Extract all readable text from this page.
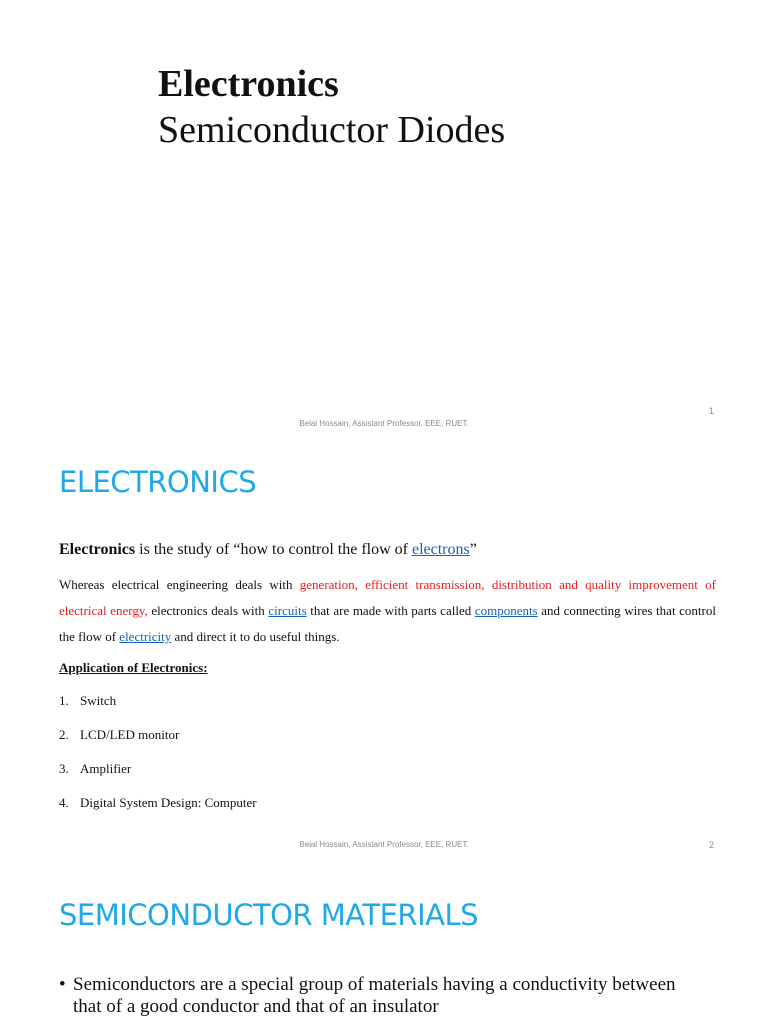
Electronics
Semiconductor Diodes
Belal Hossain, Assistant Professor, EEE, RUET.
1
ELECTRONICS
Electronics is the study of “how to control the flow of electrons”
Whereas electrical engineering deals with generation, efficient transmission, distribution and quality improvement of electrical energy, electronics deals with circuits that are made with parts called components and connecting wires that control the flow of electricity and direct it to do useful things.
Application of Electronics:
1. Switch
2. LCD/LED monitor
3. Amplifier
4. Digital System Design: Computer
Belal Hossain, Assistant Professor, EEE, RUET.	2
SEMICONDUCTOR MATERIALS
• Semiconductors are a special group of materials having a conductivity between that of a good conductor and that of an insulator
